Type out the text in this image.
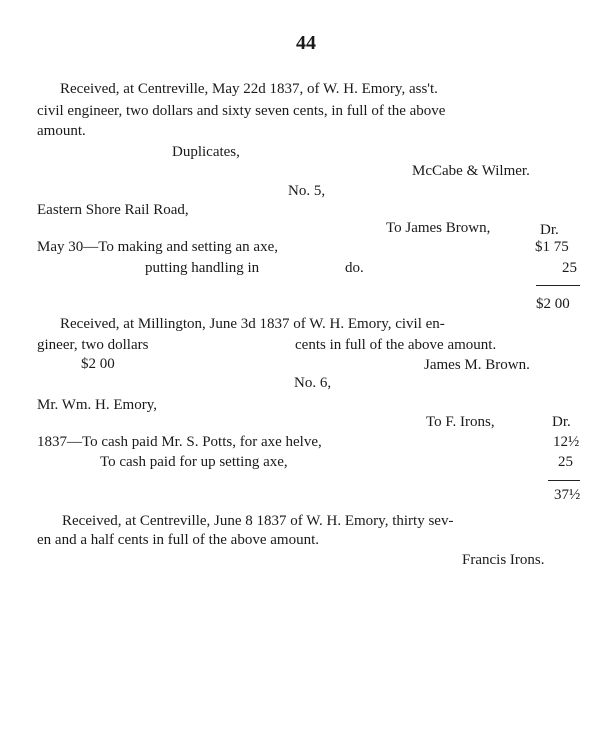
44
Received, at Centreville, May 22d 1837, of W. H. Emory, ass't.
civil engineer, two dollars and sixty seven cents, in full of the above
amount.
Duplicates,
McCabe & Wilmer.
No. 5,
Eastern Shore Rail Road,
To James Brown,	Dr.
May 30—To making and setting an axe,	$1 75
putting handling in	do.	25
$2 00
Received, at Millington, June 3d 1837 of W. H. Emory, civil en-
gineer, two dollars	cents in full of the above amount.
$2 00	James M. Brown.
No. 6,
Mr. Wm. H. Emory,
To F. Irons,	Dr.
1837—To cash paid Mr. S. Potts, for axe helve,	12½
To cash paid for up setting axe,	25
37½
Received, at Centreville, June 8 1837 of W. H. Emory, thirty sev-
en and a half cents in full of the above amount.
Francis Irons.
